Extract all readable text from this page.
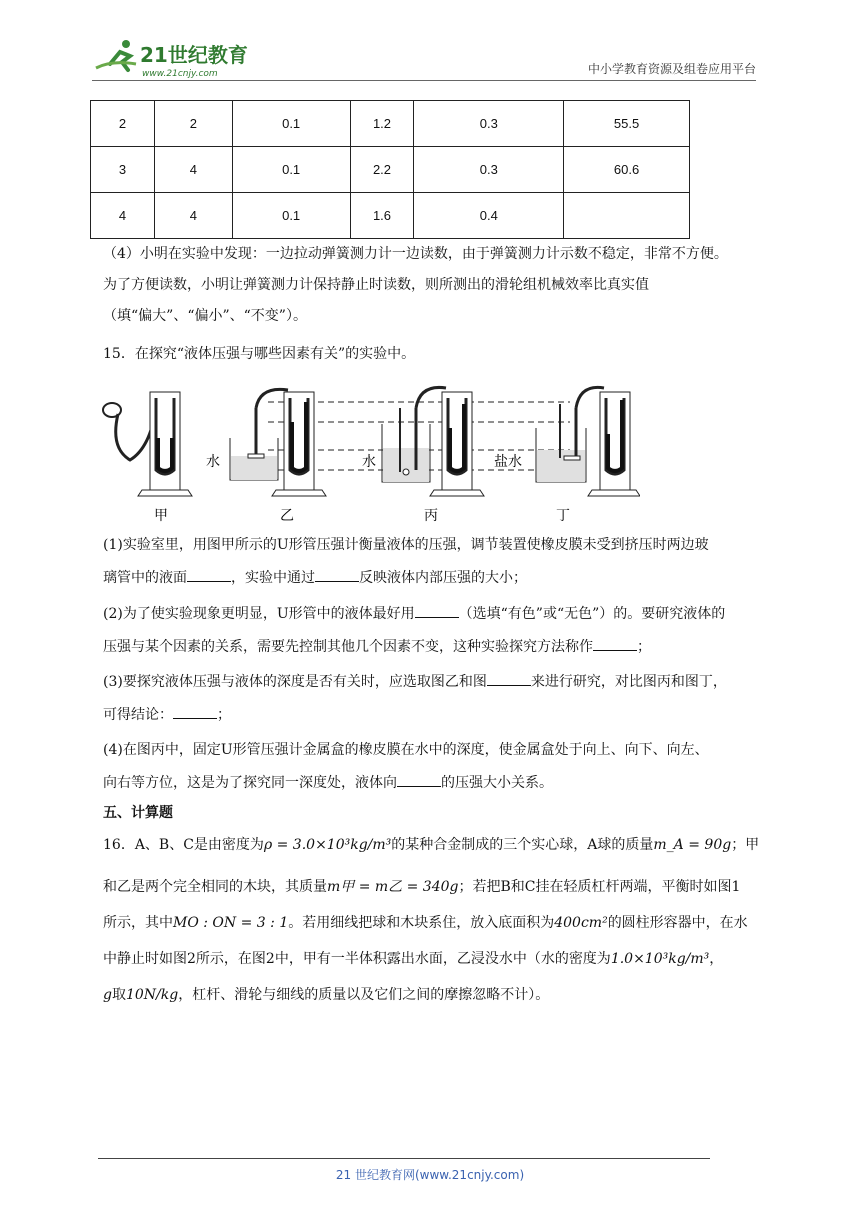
21世纪教育
www.21cnjy.com	中小学教育资源及组卷应用平台
2	2	0.1	1.2	0.3	55.5
3	4	0.1	2.2	0.3	60.6
4	4	0.1	1.6	0.4	
（4）小明在实验中发现：一边拉动弹簧测力计一边读数，由于弹簧测力计示数不稳定，非常不方便。
为了方便读数，小明让弹簧测力计保持静止时读数，则所测出的滑轮组机械效率比真实值
（填“偏大”、“偏小”、“不变”）。
15．在探究“液体压强与哪些因素有关”的实验中。
甲
水
乙
水
丙
盐水
丁
(1)实验室里，用图甲所示的U形管压强计衡量液体的压强，调节装置使橡皮膜未受到挤压时两边玻
璃管中的液面	，实验中通过	反映液体内部压强的大小；
(2)为了使实验现象更明显，U形管中的液体最好用	（选填“有色”或“无色”）的。要研究液体的
压强与某个因素的关系，需要先控制其他几个因素不变，这种实验探究方法称作	；
(3)要探究液体压强与液体的深度是否有关时，应选取图乙和图	来进行研究，对比图丙和图丁，
可得结论：	；
(4)在图丙中，固定U形管压强计金属盒的橡皮膜在水中的深度，使金属盒处于向上、向下、向左、
向右等方位，这是为了探究同一深度处，液体向	的压强大小关系。
五、计算题
16．A、B、C是由密度为ρ = 3.0×10³kg/m³的某种合金制成的三个实心球，A球的质量m_A = 90g；甲
和乙是两个完全相同的木块，其质量m甲 = m乙 = 340g；若把B和C挂在轻质杠杆两端，平衡时如图1
所示，其中MO : ON = 3 : 1。若用细线把球和木块系住，放入底面积为400cm²的圆柱形容器中，在水
中静止时如图2所示，在图2中，甲有一半体积露出水面，乙浸没水中（水的密度为1.0×10³kg/m³，
g取10N/kg，杠杆、滑轮与细线的质量以及它们之间的摩擦忽略不计）。
21 世纪教育网(www.21cnjy.com)
